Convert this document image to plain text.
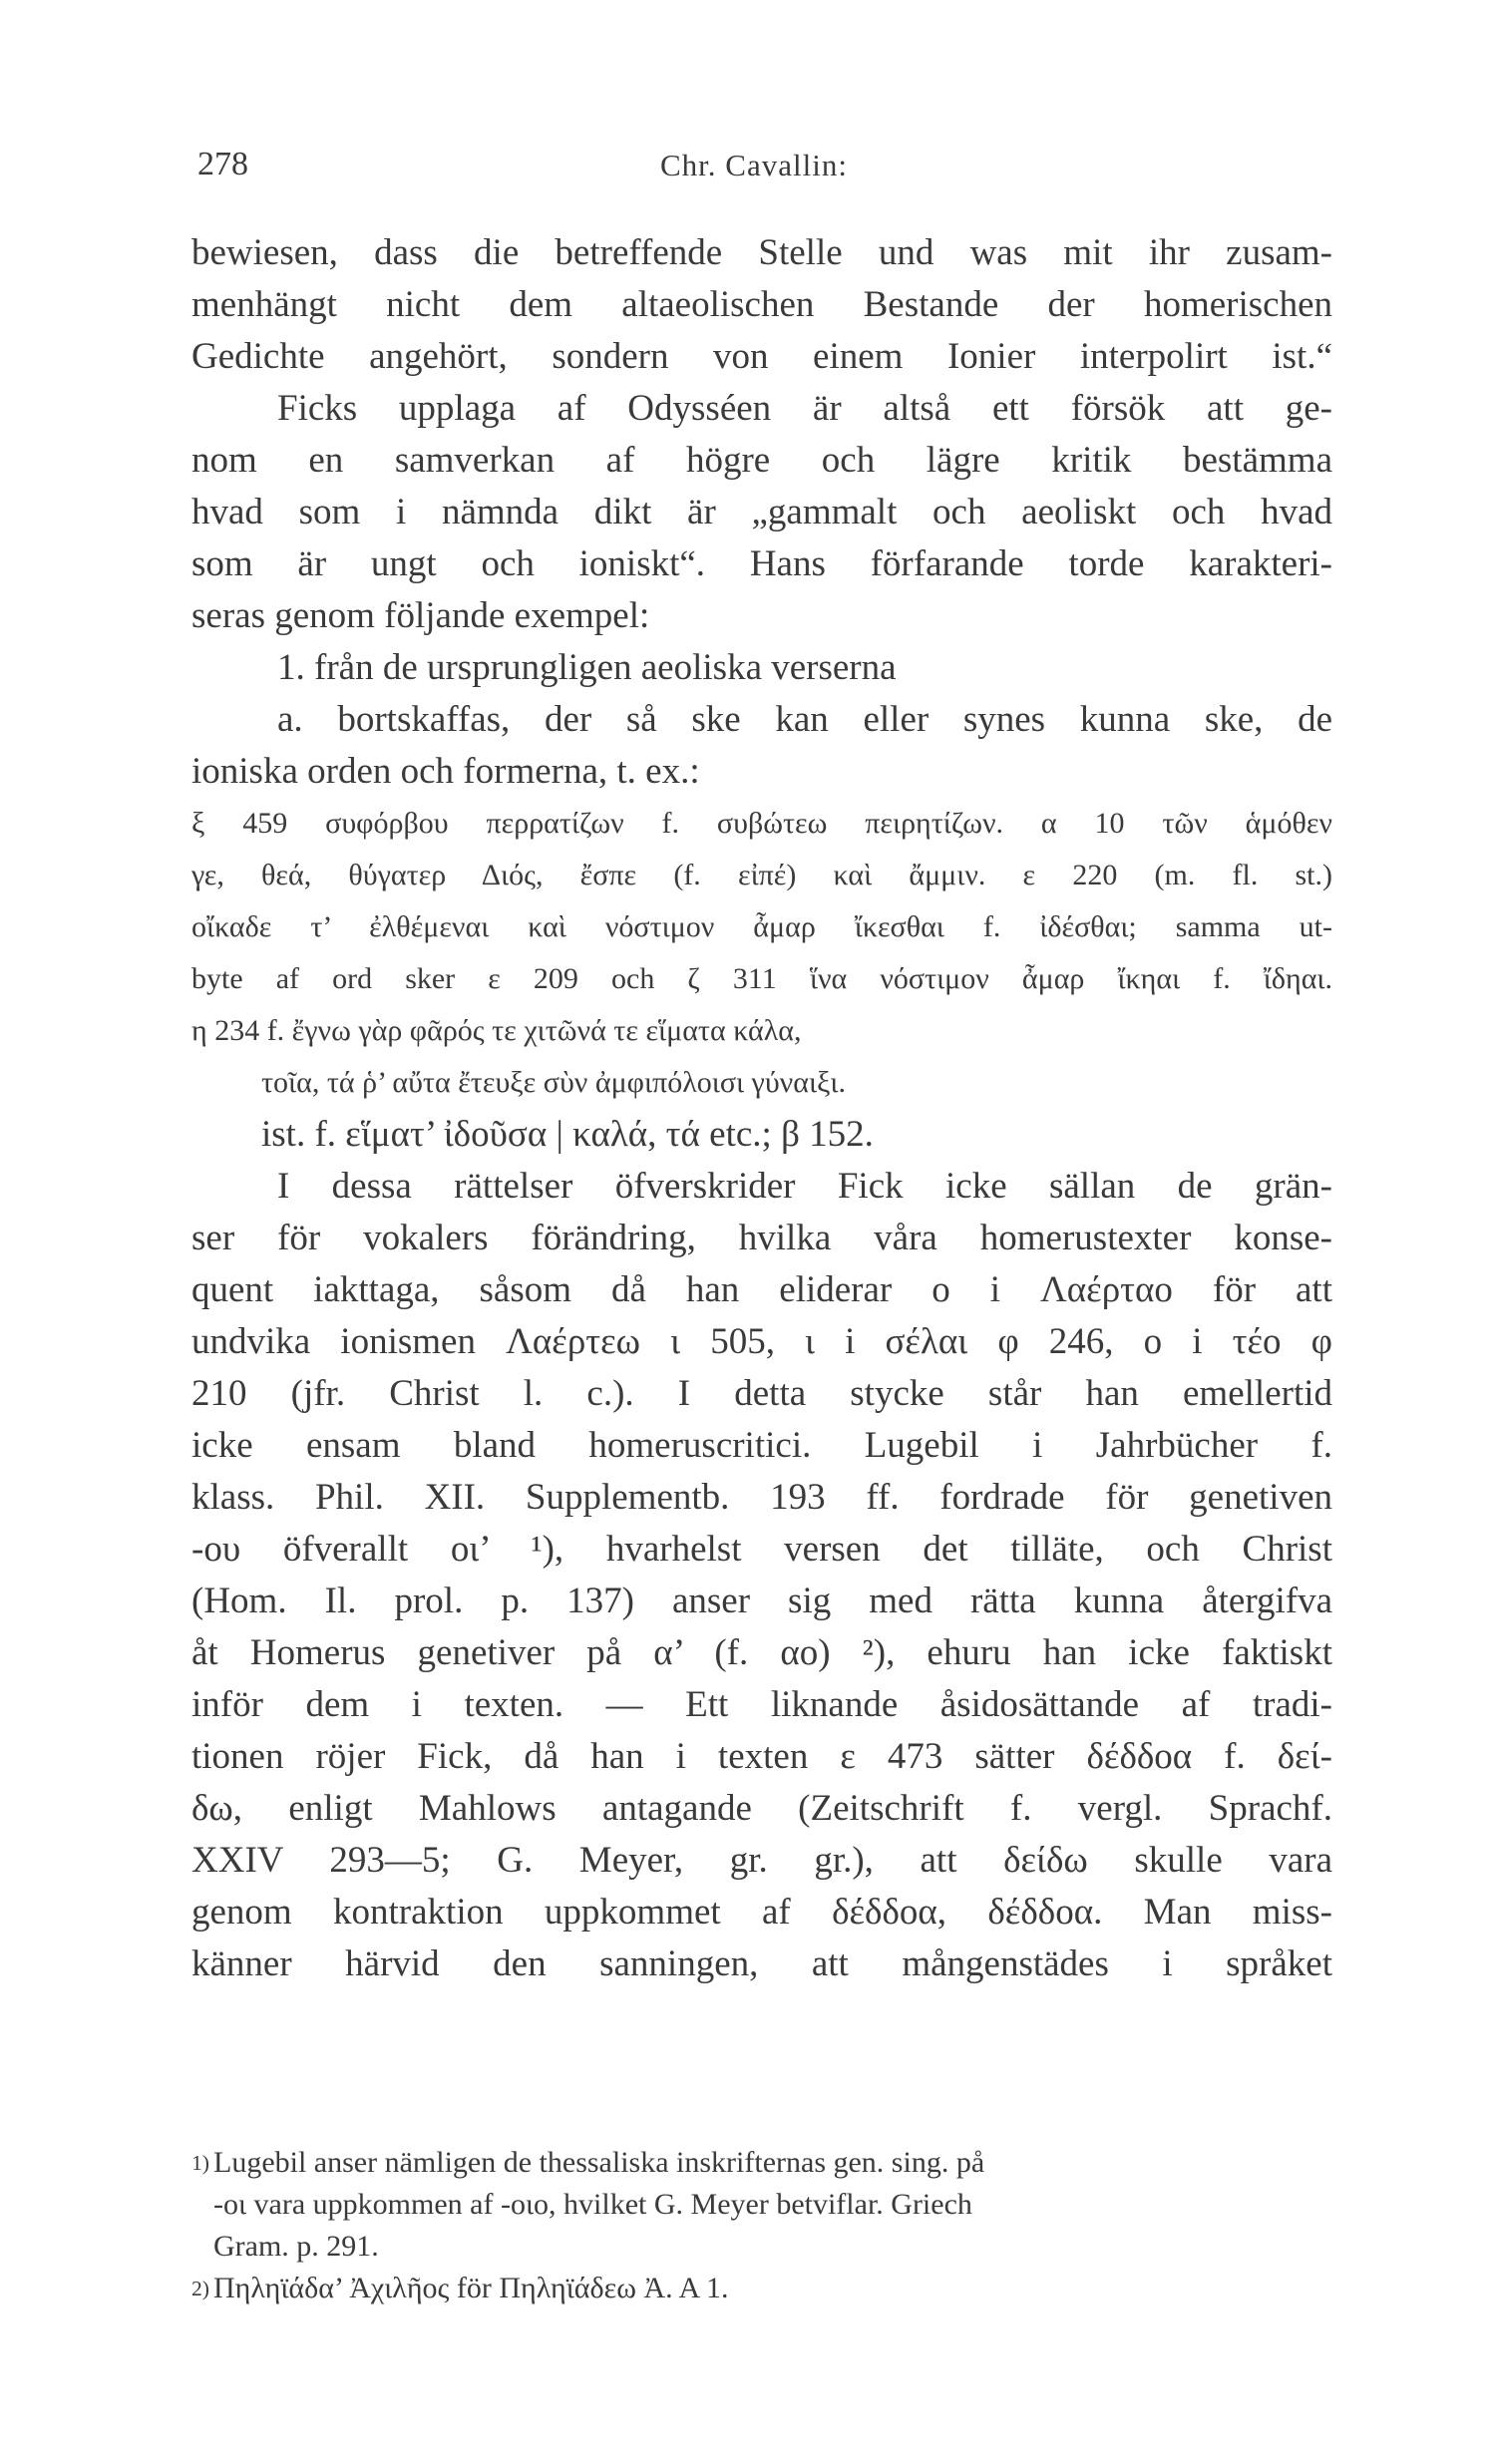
278	Chr. Cavallin:
bewiesen, dass die betreffende Stelle und was mit ihr zusam-
menhängt nicht dem altaeolischen Bestande der homerischen
Gedichte angehört, sondern von einem Ionier interpolirt ist.“
Ficks upplaga af Odysséen är altså ett försök att ge-
nom en samverkan af högre och lägre kritik bestämma
hvad som i nämnda dikt är „gammalt och aeoliskt och hvad
som är ungt och ioniskt“. Hans förfarande torde karakteri-
seras genom följande exempel:
1. från de ursprungligen aeoliska verserna
a. bortskaffas, der så ske kan eller synes kunna ske, de
ioniska orden och formerna, t. ex.:
ξ 459 συφόρβου περρατίζων f. συβώτεω πειρητίζων. α 10 τῶν ἁμόθεν
γε, θεά, θύγατερ Διός, ἔσπε (f. εἰπέ) καὶ ἄμμιν. ε 220 (m. fl. st.)
οἴκαδε τ’ ἐλθέμεναι καὶ νόστιμον ἆμαρ ἴκεσθαι f. ἰδέσθαι; samma ut-
byte af ord sker ε 209 och ζ 311 ἵνα νόστιμον ἆμαρ ἴκηαι f. ἴδηαι.
η 234 f. ἔγνω γὰρ φᾶρός τε χιτῶνά τε εἵματα κάλα,
τοῖα, τά ῥ’ αὔτα ἔτευξε σὺν ἀμφιπόλοισι γύναιξι.
ist. f. εἵματ’ ἰδοῦσα | καλά, τά etc.; β 152.
I dessa rättelser öfverskrider Fick icke sällan de grän-
ser för vokalers förändring, hvilka våra homerustexter konse-
quent iakttaga, såsom då han eliderar ο i Λαέρταο för att
undvika ionismen Λαέρτεω ι 505, ι i σέλαι φ 246, ο i τέο φ
210 (jfr. Christ l. c.). I detta stycke står han emellertid
icke ensam bland homeruscritici. Lugebil i Jahrbücher f.
klass. Phil. XII. Supplementb. 193 ff. fordrade för genetiven
-ου öfverallt οι’ ¹), hvarhelst versen det tilläte, och Christ
(Hom. Il. prol. p. 137) anser sig med rätta kunna återgifva
åt Homerus genetiver på α’ (f. αο) ²), ehuru han icke faktiskt
inför dem i texten. — Ett liknande åsidosättande af tradi-
tionen röjer Fick, då han i texten ε 473 sätter δέδδοα f. δεί-
δω, enligt Mahlows antagande (Zeitschrift f. vergl. Sprachf.
XXIV 293—5; G. Meyer, gr. gr.), att δείδω skulle vara
genom kontraktion uppkommet af δέδδοα, δέδδοα. Man miss-
känner härvid den sanningen, att mångenstädes i språket
1) Lugebil anser nämligen de thessaliska inskrifternas gen. sing. på
-οι vara uppkommen af -οιο, hvilket G. Meyer betviflar. Griech
Gram. p. 291.
2) Πηληϊάδα’ Ἀχιλῆος för Πηληϊάδεω Ἀ. Α 1.
